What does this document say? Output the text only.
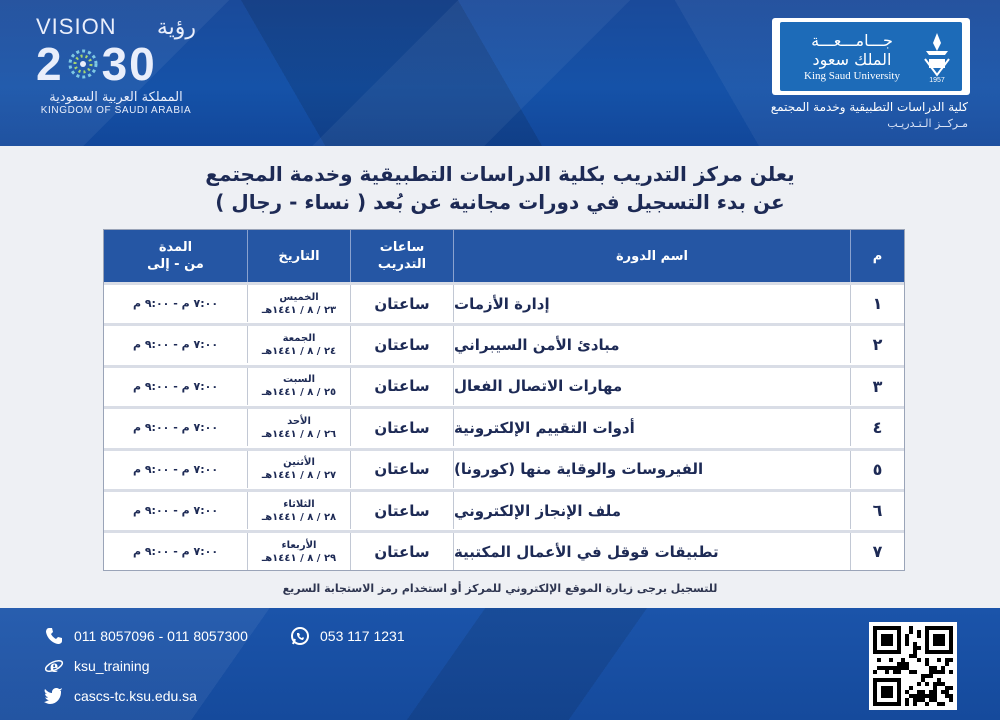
VISION رؤية
2 30
المملكة العربية السعودية
KINGDOM OF SAUDI ARABIA
جـــامـــعـــة
الملك سعود
King Saud University	1957
كلية الدراسات التطبيقية وخدمة المجتمع
مـركــز الـتـدريـب
يعلن مركز التدريب بكلية الدراسات التطبيقية وخدمة المجتمع
عن بدء التسجيل في دورات مجانية عن بُعد ( نساء - رجال )
م
اسم الدورة
ساعات
التدريب
التاريخ
المدة
من - إلى
١
إدارة الأزمات
ساعتان
الخميس
٢٣ / ٨ / ١٤٤١هـ
٧:٠٠ م - ٩:٠٠ م
٢
مبادئ الأمن السيبراني
ساعتان
الجمعة
٢٤ / ٨ / ١٤٤١هـ
٧:٠٠ م - ٩:٠٠ م
٣
مهارات الاتصال الفعال
ساعتان
السبت
٢٥ / ٨ / ١٤٤١هـ
٧:٠٠ م - ٩:٠٠ م
٤
أدوات التقييم الإلكترونية
ساعتان
الأحد
٢٦ / ٨ / ١٤٤١هـ
٧:٠٠ م - ٩:٠٠ م
٥
الفيروسات والوقاية منها (كورونا)
ساعتان
الأثنين
٢٧ / ٨ / ١٤٤١هـ
٧:٠٠ م - ٩:٠٠ م
٦
ملف الإنجاز الإلكتروني
ساعتان
الثلاثاء
٢٨ / ٨ / ١٤٤١هـ
٧:٠٠ م - ٩:٠٠ م
٧
تطبيقات قوقل في الأعمال المكتبية
ساعتان
الأربعاء
٢٩ / ٨ / ١٤٤١هـ
٧:٠٠ م - ٩:٠٠ م
للتسجيل يرجى زيارة الموقع الإلكتروني للمركز أو استخدام رمز الاستجابة السريع
011 8057096 - 011 8057300	053 117 1231
e ksu_training
cascs-tc.ksu.edu.sa
